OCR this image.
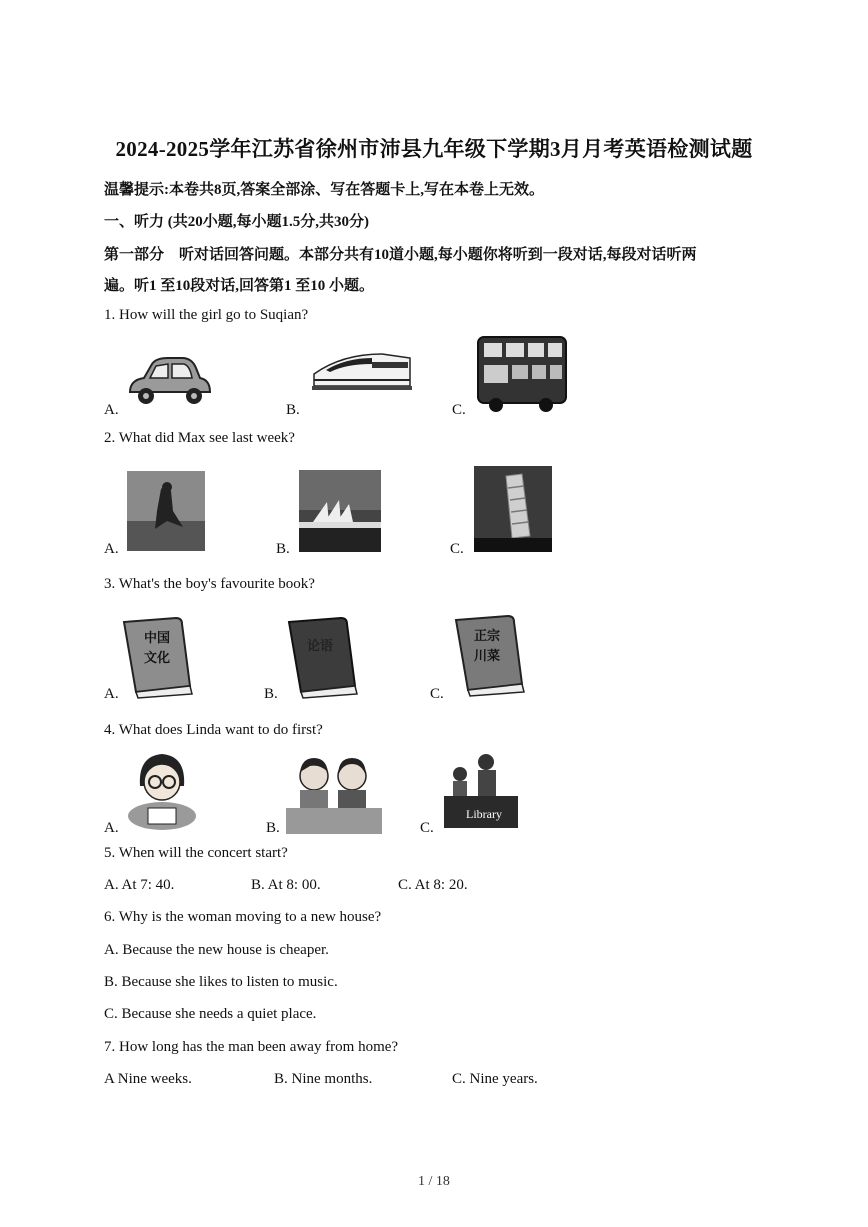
2024-2025学年江苏省徐州市沛县九年级下学期3月月考英语检测试题
温馨提示:本卷共8页,答案全部涂、写在答题卡上,写在本卷上无效。
一、听力 (共20小题,每小题1.5分,共30分)
第一部分　听对话回答问题。本部分共有10道小题,每小题你将听到一段对话,每段对话听两
遍。听1 至10段对话,回答第1 至10 小题。
1. How will the girl go to Suqian?
A.	B.	C.
2. What did Max see last week?
A.	B.	C.
3. What's the boy's favourite book?
A.	B.	C.
中国
文化
论语
正宗
川菜
4. What does Linda want to do first?
A.	B.	C.
Library
5. When will the concert start?
A. At 7: 40.	B. At 8: 00.	C. At 8: 20.
6. Why is the woman moving to a new house?
A. Because the new house is cheaper.
B. Because she likes to listen to music.
C. Because she needs a quiet place.
7. How long has the man been away from home?
A Nine weeks.	B. Nine months.	C. Nine years.
1 / 18
